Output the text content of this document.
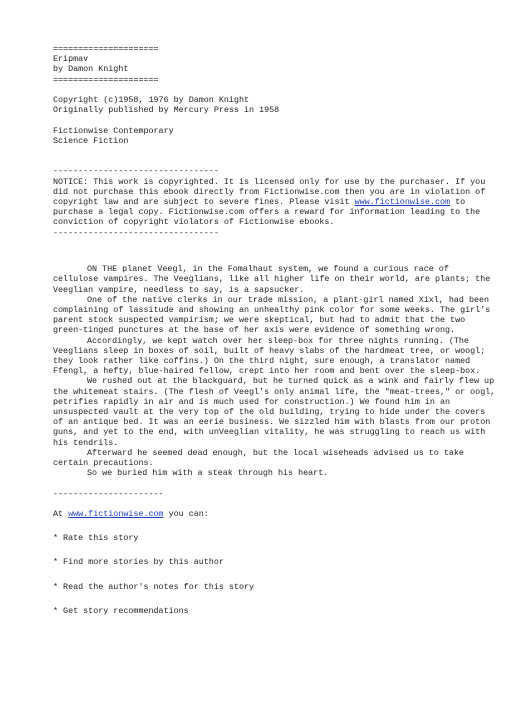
=====================
Eripmav
by Damon Knight
=====================
Copyright (c)1958, 1976 by Damon Knight
Originally published by Mercury Press in 1958
Fictionwise Contemporary
Science Fiction
---------------------------------

NOTICE: This work is copyrighted. It is licensed only for use by the purchaser. If you did not purchase this ebook directly from Fictionwise.com then you are in violation of copyright law and are subject to severe fines. Please visit www.fictionwise.com to purchase a legal copy. Fictionwise.com offers a reward for information leading to the conviction of copyright violators of Fictionwise ebooks.

---------------------------------

ON THE planet Veegl, in the Fomalhaut system, we found a curious race of cellulose vampires. The Veeglians, like all higher life on their world, are plants; the Veeglian vampire, needless to say, is a sapsucker.

One of the native clerks in our trade mission, a plant-girl named Xixl, had been complaining of lassitude and showing an unhealthy pink color for some weeks. The girl's parent stock suspected vampirism; we were skeptical, but had to admit that the two green-tinged punctures at the base of her axis were evidence of something wrong.

Accordingly, we kept watch over her sleep-box for three nights running. (The Veeglians sleep in boxes of soil, built of heavy slabs of the hardmeat tree, or woogl; they look rather like coffins.) On the third night, sure enough, a translator named Ffengl, a hefty, blue-haired fellow, crept into her room and bent over the sleep-box.

We rushed out at the blackguard, but he turned quick as a wink and fairly flew up the whitemeat stairs. (The flesh of Veegl's only animal life, the "meat-trees," or oogl, petrifies rapidly in air and is much used for construction.) We found him in an unsuspected vault at the very top of the old building, trying to hide under the covers of an antique bed. It was an eerie business. We sizzled him with blasts from our proton guns, and yet to the end, with unVeeglian vitality, he was struggling to reach us with his tendrils.

Afterward he seemed dead enough, but the local wiseheads advised us to take certain precautions.

So we buried him with a steak through his heart.

----------------------

At www.fictionwise.com you can:

* Rate this story

* Find more stories by this author

* Read the author's notes for this story

* Get story recommendations
